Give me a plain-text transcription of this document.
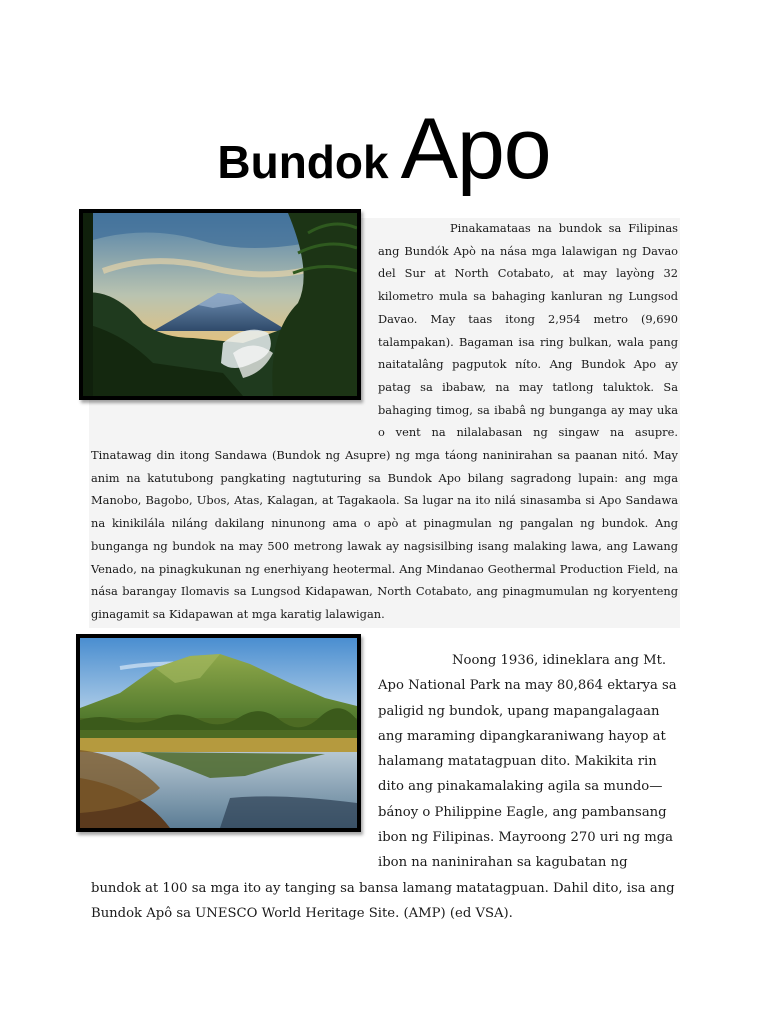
Bundok Apo

Pinakamataas na bundok sa Filipinas ang Bundók Apò na nása mga lalawigan ng Davao del Sur at North Cotabato, at may layòng 32 kilometro mula sa bahaging kanluran ng Lungsod Davao. May taas itong 2,954 metro (9,690 talampakan). Bagaman isa ring bulkan, wala pang naitatalâng pagputok níto. Ang Bundok Apo ay patag sa ibabaw, na may tatlong taluktok. Sa bahaging timog, sa ibabâ ng bunganga ay may uka o vent na nilalabasan ng singaw na asupre. Tinatawag din itong Sandawa (Bundok ng Asupre) ng mga táong naninirahan sa paanan nitó. May anim na katutubong pangkating nagtuturing sa Bundok Apo bilang sagradong lupain: ang mga Manobo, Bagobo, Ubos, Atas, Kalagan, at Tagakaola. Sa lugar na ito nilá sinasamba si Apo Sandawa na kinikilála niláng dakilang ninunong ama o apò at pinagmulan ng pangalan ng bundok. Ang bunganga ng bundok na may 500 metrong lawak ay nagsisilbing isang malaking lawa, ang Lawang Venado, na pinagkukunan ng enerhiyang heotermal. Ang Mindanao Geothermal Production Field, na nása barangay Ilomavis sa Lungsod Kidapawan, North Cotabato, ang pinagmumulan ng koryenteng ginagamit sa Kidapawan at mga karatig lalawigan.

Noong 1936, idineklara ang Mt. Apo National Park na may 80,864 ektarya sa paligid ng bundok, upang mapangalagaan ang maraming dipangkaraniwang hayop at halamang matatagpuan dito. Makikita rin dito ang pinakamalaking agila sa mundo—bánoy o Philippine Eagle, ang pambansang ibon ng Filipinas. Mayroong 270 uri ng mga ibon na naninirahan sa kagubatan ng bundok at 100 sa mga ito ay tanging sa bansa lamang matatagpuan. Dahil dito, isa ang Bundok Apô sa UNESCO World Heritage Site. (AMP) (ed VSA).
